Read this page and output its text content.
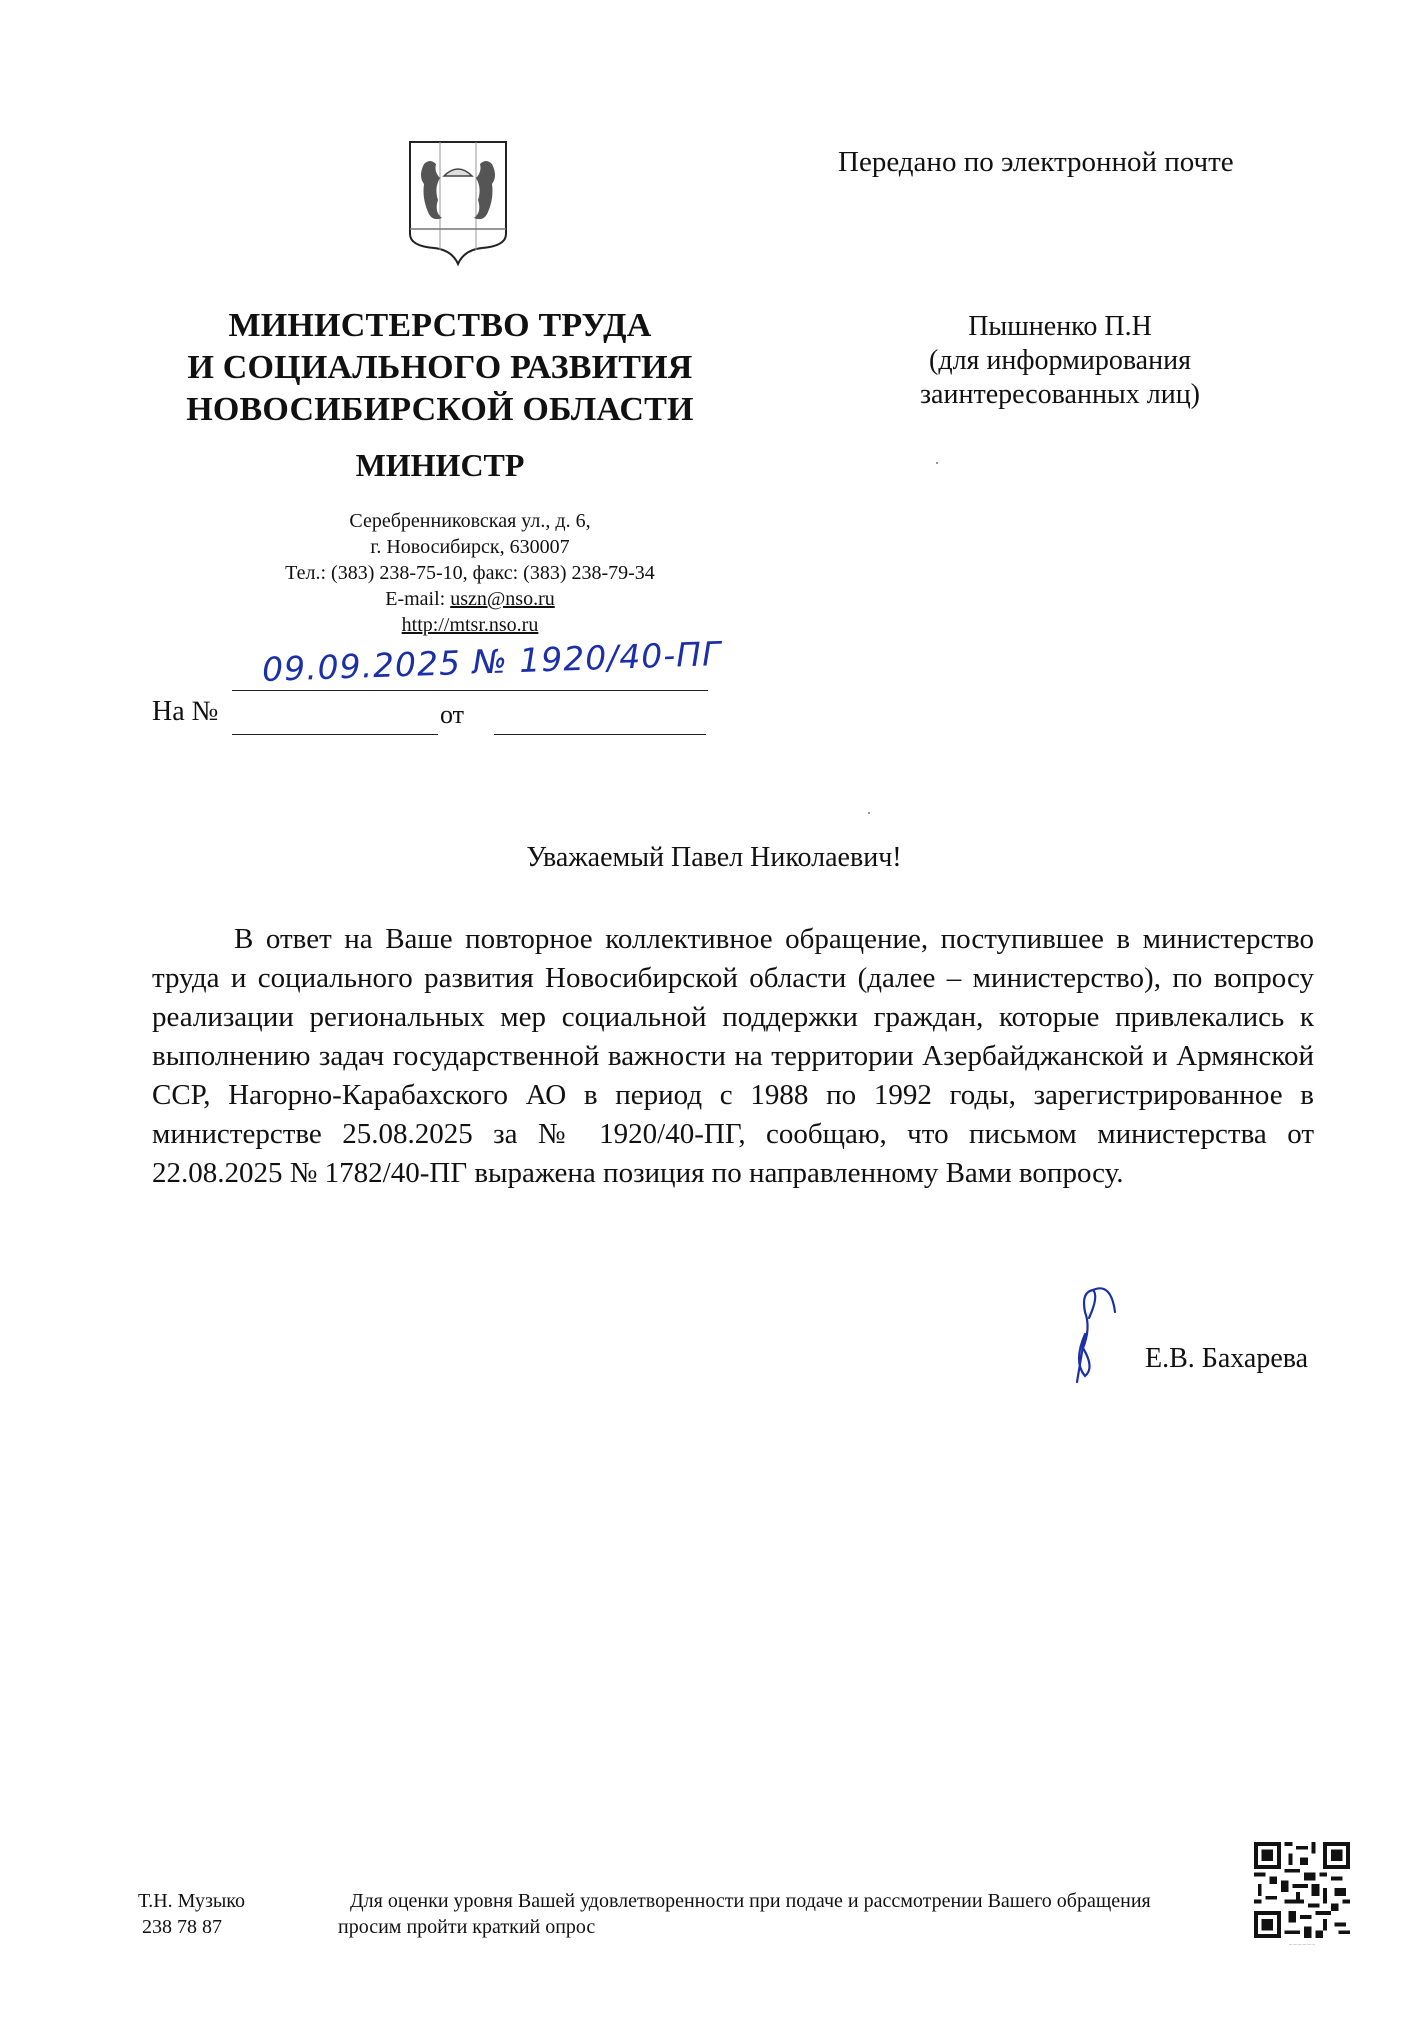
МИНИСТЕРСТВО ТРУДА
И СОЦИАЛЬНОГО РАЗВИТИЯ
НОВОСИБИРСКОЙ ОБЛАСТИ
МИНИСТР
Серебренниковская ул., д. 6,
г. Новосибирск, 630007
Тел.: (383) 238-75-10, факс: (383) 238-79-34
E-mail: uszn@nso.ru
http://mtsr.nso.ru
09.09.2025 № 1920/40-ПГ
На №	от
Передано по электронной почте
Пышненко П.Н
(для информирования
заинтересованных лиц)
Уважаемый Павел Николаевич!
В ответ на Ваше повторное коллективное обращение, поступившее в министерство труда и социального развития Новосибирской области (далее – министерство), по вопросу реализации региональных мер социальной поддержки граждан, которые привлекались к выполнению задач государственной важности на территории Азербайджанской и Армянской ССР, Нагорно-Карабахского АО в период с 1988 по 1992 годы, зарегистрированное в министерстве 25.08.2025 за № 1920/40-ПГ, сообщаю, что письмом министерства от 22.08.2025 № 1782/40-ПГ выражена позиция по направленному Вами вопросу.
Е.В. Бахарева
Т.Н. Музыко
238 78 87
Для оценки уровня Вашей удовлетворенности при подаче и рассмотрении Вашего обращения просим пройти краткий опрос
·····················
